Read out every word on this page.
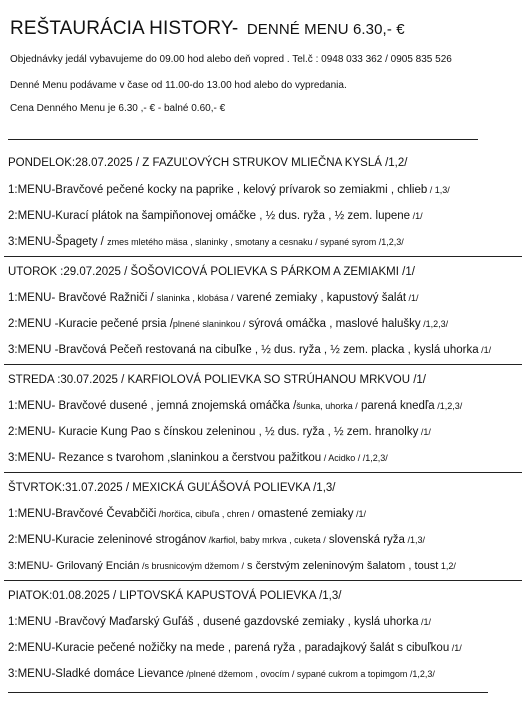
REŠTAURÁCIA HISTORY- DENNÉ MENU 6.30,- €
Objednávky jedál vybavujeme do 09.00 hod alebo deň vopred . Tel.č : 0948 033 362 / 0905 835 526
Denné Menu podávame v čase od 11.00-do 13.00 hod alebo do vypredania.
Cena Denného Menu je 6.30 ,- € - balné 0.60,- €
PONDELOK:28.07.2025 / Z FAZUĽOVÝCH STRUKOV MLIEČNA KYSLÁ /1,2/
1:MENU-Bravčové pečené kocky na paprike , kelový prívarok so zemiakmi , chlieb / 1,3/
2:MENU-Kurací plátok na šampiňonovej omáčke , ½ dus. ryža , ½ zem. lupene /1/
3:MENU-Špagety / zmes mletého mäsa , slaninky , smotany a cesnaku / sypané syrom /1,2,3/
UTOROK :29.07.2025 / ŠOŠOVICOVÁ POLIEVKA S PÁRKOM A ZEMIAKMI /1/
1:MENU- Bravčové Ražniči / slaninka , klobása / varené zemiaky , kapustový šalát /1/
2:MENU -Kuracie pečené prsia /plnené slaninkou / sýrová omáčka , maslové halušky /1,2,3/
3:MENU -Bravčová Pečeň restovaná na cibuľke , ½ dus. ryža , ½ zem. placka , kyslá uhorka /1/
STREDA :30.07.2025 / KARFIOLOVÁ POLIEVKA SO STRÚHANOU MRKVOU /1/
1:MENU- Bravčové dusené , jemná znojemská omáčka /šunka, uhorka / parená knedľa /1,2,3/
2:MENU- Kuracie Kung Pao s čínskou zeleninou , ½ dus. ryža , ½ zem. hranolky /1/
3:MENU- Rezance s tvarohom ,slaninkou a čerstvou pažitkou / Acidko / /1,2,3/
ŠTVRTOK:31.07.2025 / MEXICKÁ GUĽÁŠOVÁ POLIEVKA /1,3/
1:MENU-Bravčové Čevabčiči /horčica, cibuľa , chren / omastené zemiaky /1/
2:MENU-Kuracie zeleninové strogánov /karfiol, baby mrkva , cuketa / slovenská ryža /1,3/
3:MENU- Grilovaný Encián /s brusnicovým džemom / s čerstvým zeleninovým šalatom , toust 1,2/
PIATOK:01.08.2025 / LIPTOVSKÁ KAPUSTOVÁ POLIEVKA /1,3/
1:MENU -Bravčový Maďarský Guľáš , dusené gazdovské zemiaky , kyslá uhorka /1/
2:MENU-Kuracie pečené nožičky na mede , parená ryža , paradajkový šalát s cibuľkou /1/
3:MENU-Sladké domáce Lievance /plnené džemom , ovocím / sypané cukrom a topimgom /1,2,3/
